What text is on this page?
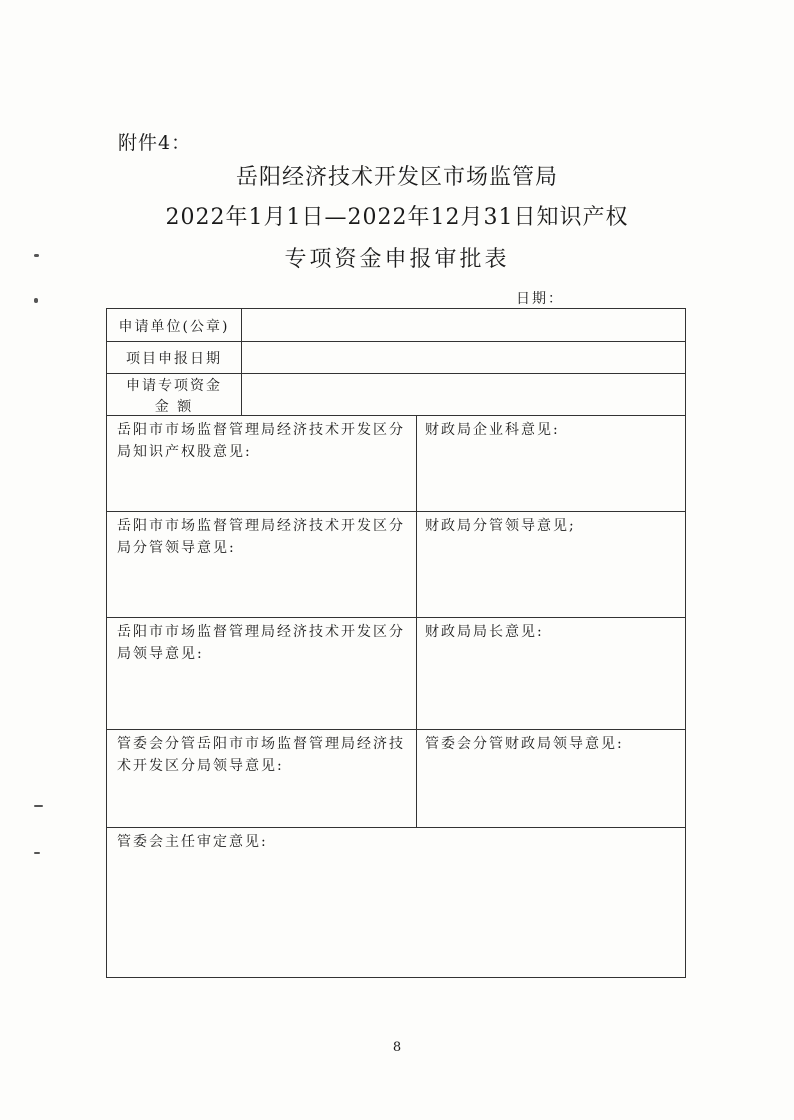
附件4：
岳阳经济技术开发区市场监管局
2022年1月1日—2022年12月31日知识产权
专项资金申报审批表
日期：
申请单位(公章)
项目申报日期
申请专项资金
金 额
岳阳市市场监督管理局经济技术开发区分
局知识产权股意见:
财政局企业科意见:
岳阳市市场监督管理局经济技术开发区分
局分管领导意见:
财政局分管领导意见;
岳阳市市场监督管理局经济技术开发区分
局领导意见:
财政局局长意见:
管委会分管岳阳市市场监督管理局经济技
术开发区分局领导意见:
管委会分管财政局领导意见:
管委会主任审定意见:
8
